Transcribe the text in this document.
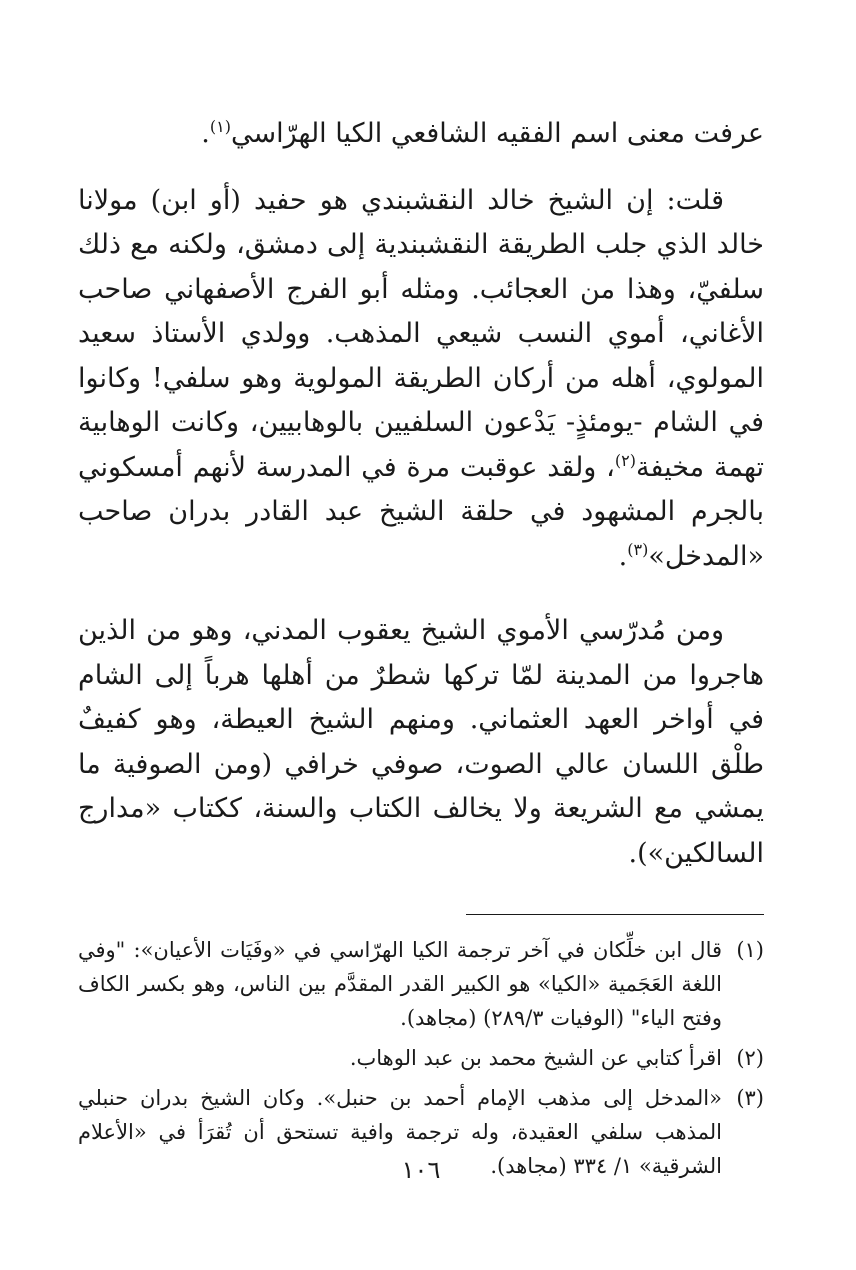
عرفت معنى اسم الفقيه الشافعي الكيا الهرّاسي$^{(١)}$.

قلت: إن الشيخ خالد النقشبندي هو حفيد (أو ابن) مولانا خالد الذي جلب الطريقة النقشبندية إلى دمشق، ولكنه مع ذلك سلفيّ، وهذا من العجائب. ومثله أبو الفرج الأصفهاني صاحب الأغاني، أموي النسب شيعي المذهب. وولدي الأستاذ سعيد المولوي، أهله من أركان الطريقة المولوية وهو سلفي! وكانوا في الشام -يومئذٍ- يَدْعون السلفيين بالوهابيين، وكانت الوهابية تهمة مخيفة$^{(٢)}$، ولقد عوقبت مرة في المدرسة لأنهم أمسكوني بالجرم المشهود في حلقة الشيخ عبد القادر بدران صاحب «المدخل»$^{(٣)}$.

ومن مُدرّسي الأموي الشيخ يعقوب المدني، وهو من الذين هاجروا من المدينة لمّا تركها شطرٌ من أهلها هرباً إلى الشام في أواخر العهد العثماني. ومنهم الشيخ العيطة، وهو كفيفٌ طلْق اللسان عالي الصوت، صوفي خرافي (ومن الصوفية ما يمشي مع الشريعة ولا يخالف الكتاب والسنة، ككتاب «مدارج السالكين»).

(١)
قال ابن خلِّكان في آخر ترجمة الكيا الهرّاسي في «وفَيَات الأعيان»: "وفي اللغة العَجَمية «الكيا» هو الكبير القدر المقدَّم بين الناس، وهو بكسر الكاف وفتح الياء" (الوفيات ٢٨٩/٣) (مجاهد).

(٢)
اقرأ كتابي عن الشيخ محمد بن عبد الوهاب.

(٣)
«المدخل إلى مذهب الإمام أحمد بن حنبل». وكان الشيخ بدران حنبلي المذهب سلفي العقيدة، وله ترجمة وافية تستحق أن تُقرَأ في «الأعلام الشرقية» ١/ ٣٣٤ (مجاهد).

١٠٦
